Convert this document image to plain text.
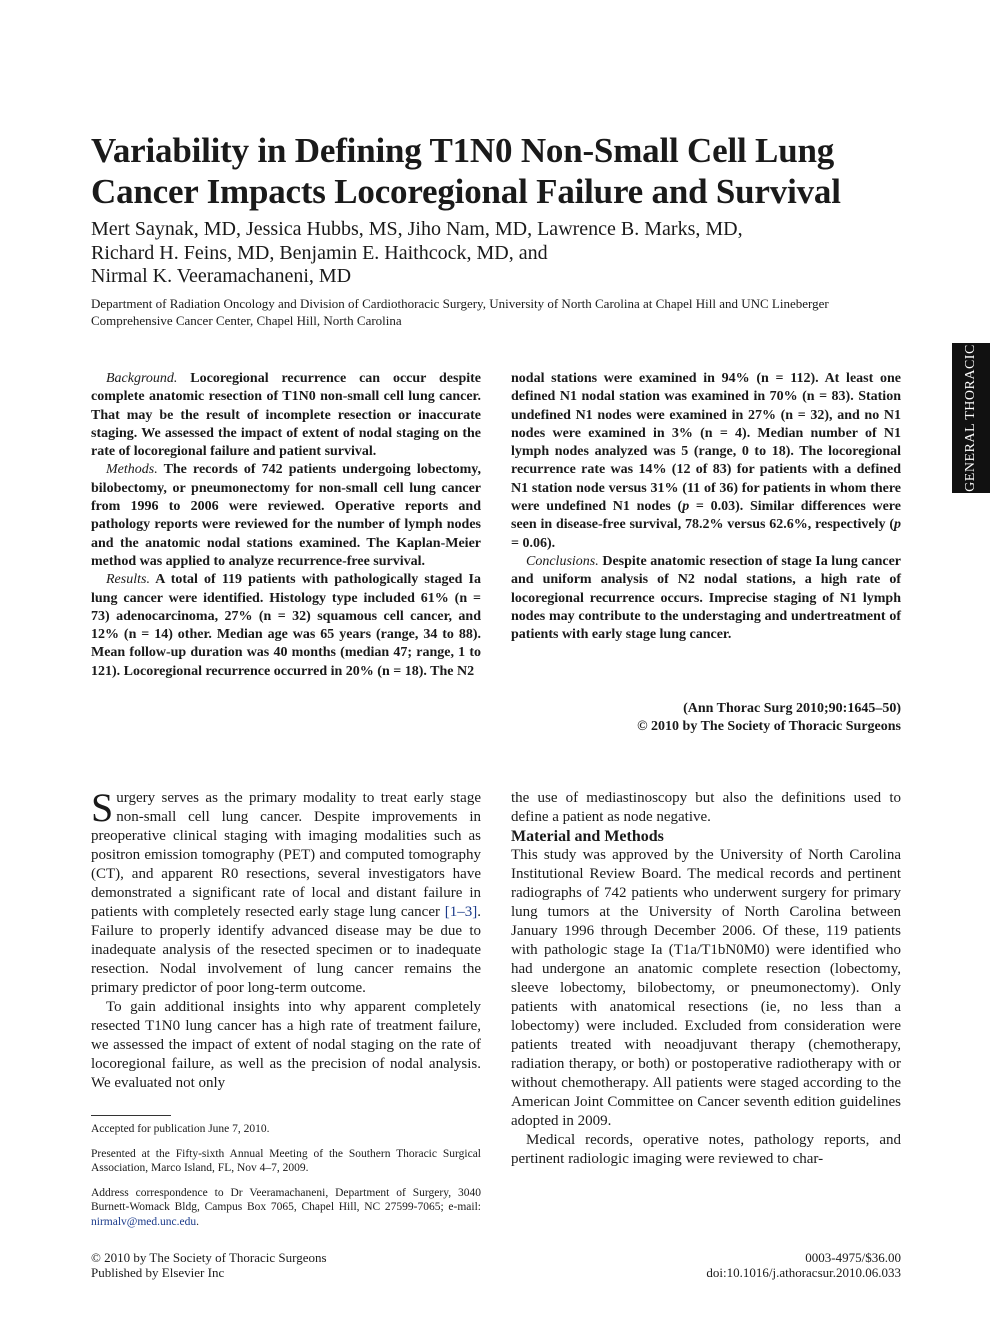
Variability in Defining T1N0 Non-Small Cell Lung Cancer Impacts Locoregional Failure and Survival
Mert Saynak, MD, Jessica Hubbs, MS, Jiho Nam, MD, Lawrence B. Marks, MD,
Richard H. Feins, MD, Benjamin E. Haithcock, MD, and
Nirmal K. Veeramachaneni, MD
Department of Radiation Oncology and Division of Cardiothoracic Surgery, University of North Carolina at Chapel Hill and UNC Lineberger Comprehensive Cancer Center, Chapel Hill, North Carolina
GENERAL THORACIC

Background. Locoregional recurrence can occur despite complete anatomic resection of T1N0 non-small cell lung cancer. That may be the result of incomplete resection or inaccurate staging. We assessed the impact of extent of nodal staging on the rate of locoregional failure and patient survival.

Methods. The records of 742 patients undergoing lobectomy, bilobectomy, or pneumonectomy for non-small cell lung cancer from 1996 to 2006 were reviewed. Operative reports and pathology reports were reviewed for the number of lymph nodes and the anatomic nodal stations examined. The Kaplan-Meier method was applied to analyze recurrence-free survival.

Results. A total of 119 patients with pathologically staged Ia lung cancer were identified. Histology type included 61% (n = 73) adenocarcinoma, 27% (n = 32) squamous cell cancer, and 12% (n = 14) other. Median age was 65 years (range, 34 to 88). Mean follow-up duration was 40 months (median 47; range, 1 to 121). Locoregional recurrence occurred in 20% (n = 18). The N2

nodal stations were examined in 94% (n = 112). At least one defined N1 nodal station was examined in 70% (n = 83). Station undefined N1 nodes were examined in 27% (n = 32), and no N1 nodes were examined in 3% (n = 4). Median number of N1 lymph nodes analyzed was 5 (range, 0 to 18). The locoregional recurrence rate was 14% (12 of 83) for patients with a defined N1 station node versus 31% (11 of 36) for patients in whom there were undefined N1 nodes (p = 0.03). Similar differences were seen in disease-free survival, 78.2% versus 62.6%, respectively (p = 0.06).

Conclusions. Despite anatomic resection of stage Ia lung cancer and uniform analysis of N2 nodal stations, a high rate of locoregional recurrence occurs. Imprecise staging of N1 lymph nodes may contribute to the understaging and undertreatment of patients with early stage lung cancer.

(Ann Thorac Surg 2010;90:1645–50)
© 2010 by The Society of Thoracic Surgeons

Surgery serves as the primary modality to treat early stage non-small cell lung cancer. Despite improvements in preoperative clinical staging with imaging modalities such as positron emission tomography (PET) and computed tomography (CT), and apparent R0 resections, several investigators have demonstrated a significant rate of local and distant failure in patients with completely resected early stage lung cancer [1–3]. Failure to properly identify advanced disease may be due to inadequate analysis of the resected specimen or to inadequate resection. Nodal involvement of lung cancer remains the primary predictor of poor long-term outcome.

To gain additional insights into why apparent completely resected T1N0 lung cancer has a high rate of treatment failure, we assessed the impact of extent of nodal staging on the rate of locoregional failure, as well as the precision of nodal analysis. We evaluated not only

the use of mediastinoscopy but also the definitions used to define a patient as node negative.

Material and Methods

This study was approved by the University of North Carolina Institutional Review Board. The medical records and pertinent radiographs of 742 patients who underwent surgery for primary lung tumors at the University of North Carolina between January 1996 through December 2006. Of these, 119 patients with pathologic stage Ia (T1a/T1bN0M0) were identified who had undergone an anatomic complete resection (lobectomy, sleeve lobectomy, bilobectomy, or pneumonectomy). Only patients with anatomical resections (ie, no less than a lobectomy) were included. Excluded from consideration were patients treated with neoadjuvant therapy (chemotherapy, radiation therapy, or both) or postoperative radiotherapy with or without chemotherapy. All patients were staged according to the American Joint Committee on Cancer seventh edition guidelines adopted in 2009.

Medical records, operative notes, pathology reports, and pertinent radiologic imaging were reviewed to char-

Accepted for publication June 7, 2010.

Presented at the Fifty-sixth Annual Meeting of the Southern Thoracic Surgical Association, Marco Island, FL, Nov 4–7, 2009.

Address correspondence to Dr Veeramachaneni, Department of Surgery, 3040 Burnett-Womack Bldg, Campus Box 7065, Chapel Hill, NC 27599-7065; e-mail: nirmalv@med.unc.edu.

© 2010 by The Society of Thoracic Surgeons
Published by Elsevier Inc
0003-4975/$36.00
doi:10.1016/j.athoracsur.2010.06.033
